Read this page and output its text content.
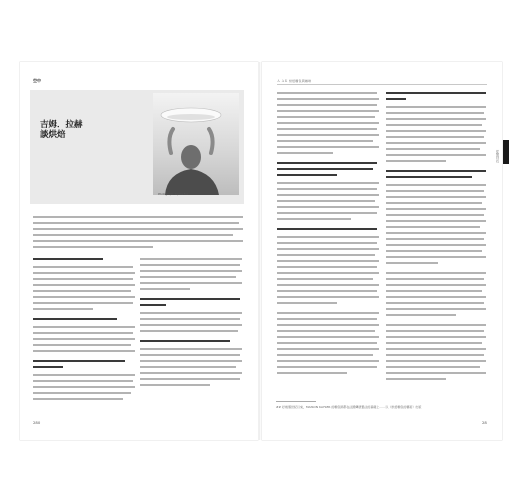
空中
吉姆．拉赫
談烘焙
Photograph: Squire Fox
280
Ａ ＡＫ 烘焙麵包與咖啡
## 好幾個世紀以來，MAISON KAYSER 的麵包師都在法國傳統製法的基礎上……以《烘焙麵包的藝術》出版
從無到有
28
